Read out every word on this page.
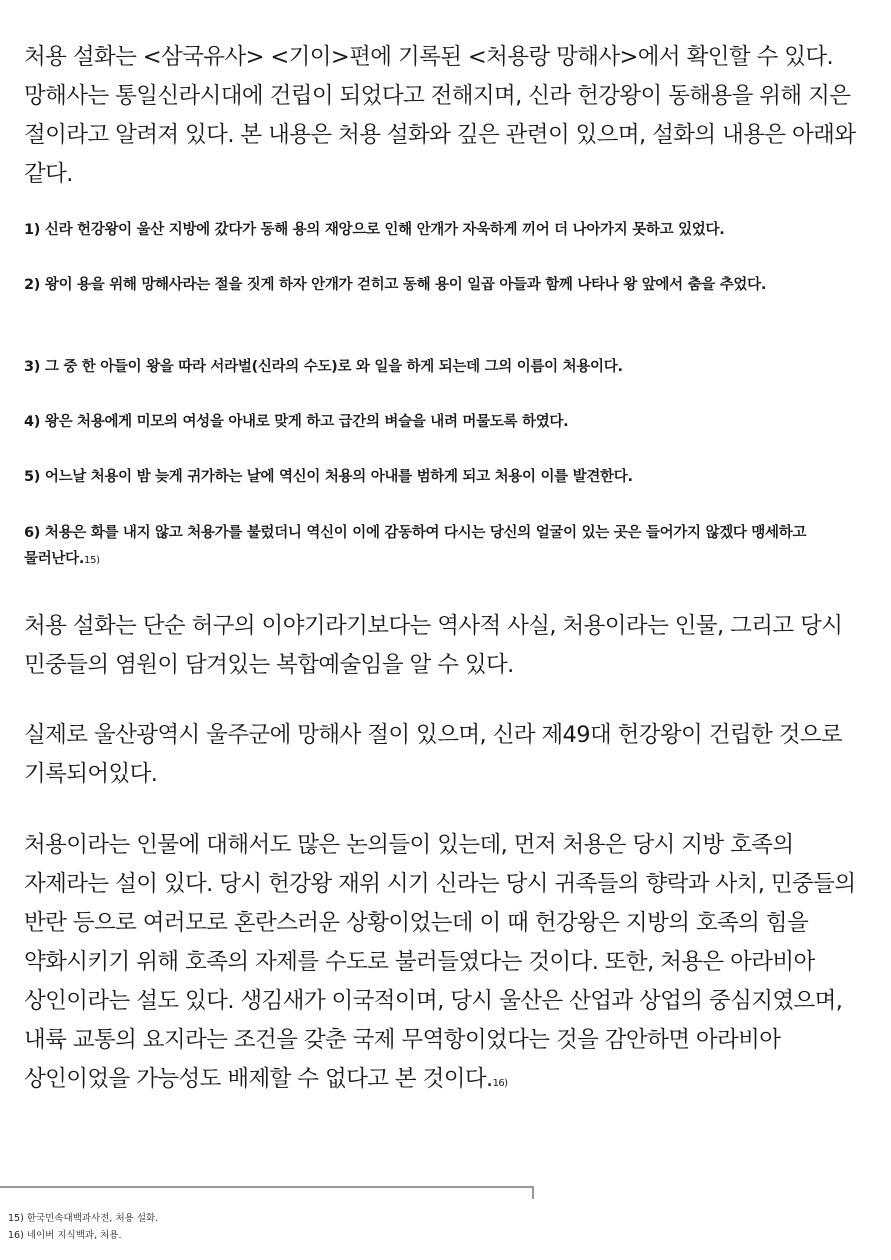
처용 설화는 <삼국유사> <기이>편에 기록된 <처용랑 망해사>에서 확인할 수 있다. 망해사는 통일신라시대에 건립이 되었다고 전해지며, 신라 헌강왕이 동해용을 위해 지은 절이라고 알려져 있다. 본 내용은 처용 설화와 깊은 관련이 있으며, 설화의 내용은 아래와 같다.

1) 신라 헌강왕이 울산 지방에 갔다가 동해 용의 재앙으로 인해 안개가 자욱하게 끼어 더 나아가지 못하고 있었다.

2) 왕이 용을 위해 망해사라는 절을 짓게 하자 안개가 걷히고 동해 용이 일곱 아들과 함께 나타나 왕 앞에서 춤을 추었다.

3) 그 중 한 아들이 왕을 따라 서라벌(신라의 수도)로 와 일을 하게 되는데 그의 이름이 처용이다.

4) 왕은 처용에게 미모의 여성을 아내로 맞게 하고 급간의 벼슬을 내려 머물도록 하였다.

5) 어느날 처용이 밤 늦게 귀가하는 날에 역신이 처용의 아내를 범하게 되고 처용이 이를 발견한다.

6) 처용은 화를 내지 않고 처용가를 불렀더니 역신이 이에 감동하여 다시는 당신의 얼굴이 있는 곳은 들어가지 않겠다 맹세하고 물러난다.15)

처용 설화는 단순 허구의 이야기라기보다는 역사적 사실, 처용이라는 인물, 그리고 당시 민중들의 염원이 담겨있는 복합예술임을 알 수 있다.

실제로 울산광역시 울주군에 망해사 절이 있으며, 신라 제49대 헌강왕이 건립한 것으로 기록되어있다.

처용이라는 인물에 대해서도 많은 논의들이 있는데, 먼저 처용은 당시 지방 호족의 자제라는 설이 있다. 당시 헌강왕 재위 시기 신라는 당시 귀족들의 향락과 사치, 민중들의 반란 등으로 여러모로 혼란스러운 상황이었는데 이 때 헌강왕은 지방의 호족의 힘을 약화시키기 위해 호족의 자제를 수도로 불러들였다는 것이다. 또한, 처용은 아라비아 상인이라는 설도 있다. 생김새가 이국적이며, 당시 울산은 산업과 상업의 중심지였으며, 내륙 교통의 요지라는 조건을 갖춘 국제 무역항이었다는 것을 감안하면 아라비아 상인이었을 가능성도 배제할 수 없다고 본 것이다.16)

15) 한국민속대백과사전, 처용 설화.

16) 네이버 지식백과, 처용.
